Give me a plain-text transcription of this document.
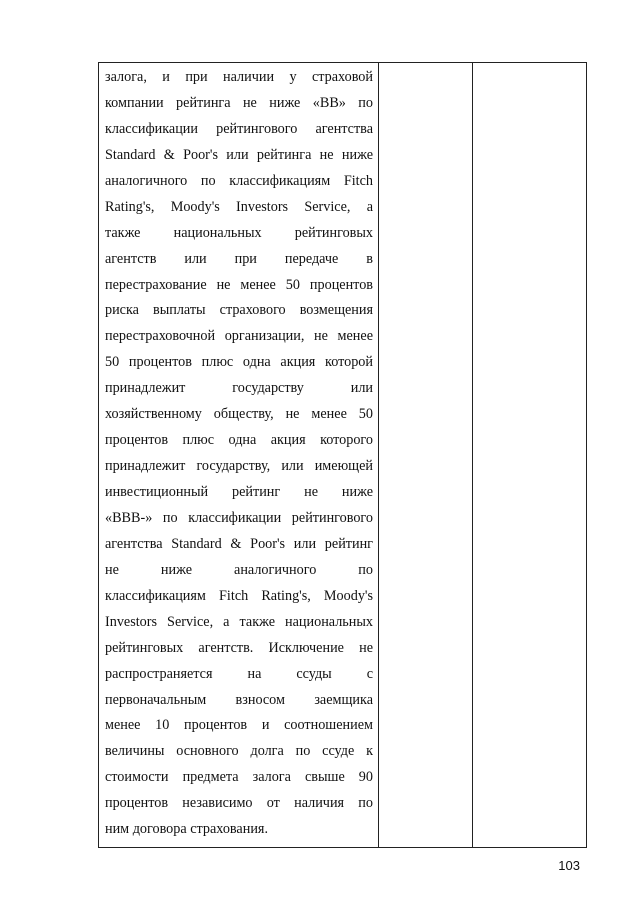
залога, и при наличии у страховой
компании рейтинга не ниже «ВВ» по
классификации рейтингового агентства
Standard & Poor's или рейтинга не ниже
аналогичного по классификациям Fitch
Rating's, Moody's Investors Service, а
также национальных рейтинговых
агентств или при передаче в
перестрахование не менее 50 процентов
риска выплаты страхового возмещения
перестраховочной организации, не менее
50 процентов плюс одна акция которой
принадлежит государству или
хозяйственному обществу, не менее 50
процентов плюс одна акция которого
принадлежит государству, или имеющей
инвестиционный рейтинг не ниже
«ВВВ-» по классификации рейтингового
агентства Standard & Poor's или рейтинг
не ниже аналогичного по
классификациям Fitch Rating's, Moody's
Investors Service, а также национальных
рейтинговых агентств. Исключение не
распространяется на ссуды с
первоначальным взносом заемщика
менее 10 процентов и соотношением
величины основного долга по ссуде к
стоимости предмета залога свыше 90
процентов независимо от наличия по
ним договора страхования.
103
